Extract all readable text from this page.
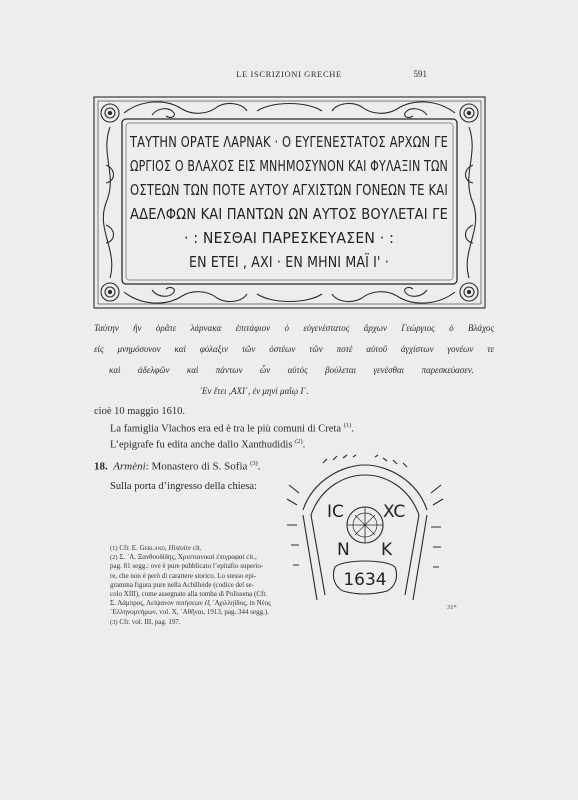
LE ISCRIZIONI GRECHE	591
ΤΑΥΤΗΝ ΟΡΑΤΕ ΛΑΡΝΑΚ · Ο ΕΥΓΕΝΕΣΤΑΤΟΣ ΑΡΧΩΝ ΓΕ
ΩΡΓΙΟΣ Ο ΒΛΑΧΟΣ ΕΙΣ ΜΝΗΜΟΣΥΝΟΝ ΚΑΙ ΦΥΛΑΞΙΝ ΤΩΝ
ΟΣΤΕΩΝ ΤΩΝ ΠΟΤΕ ΑΥΤΟΥ ΑΓΧΙΣΤΩΝ ΓΟΝΕΩΝ ΤΕ ΚΑΙ
ΑΔΕΛΦΩΝ ΚΑΙ ΠΑΝΤΩΝ ΩΝ ΑΥΤΟΣ ΒΟΥΛΕΤΑΙ ΓΕ
· : ΝΕΣΘΑΙ ΠΑΡΕΣΚΕΥΑΣΕΝ · :
ΕΝ ΕΤΕΙ , ΑΧΙ · ΕΝ ΜΗΝΙ ΜΑΪ Ι' ·
Ταύτην ἣν ὁρᾶτε λάρνακα ἐπιτάφιον ὁ εὐγενέστατος ἄρχων Γεώργιος ὁ Βλάχος
εἰς μνημόσυνον καὶ φύλαξιν τῶν ὀστέων τῶν ποτὲ αὐτοῦ ἀγχίστων γονέων τε
καὶ ἀδελφῶν καὶ πάντων ὧν αὐτὸς βούλεται γενέσθαι παρεσκεύασεν.
᾽Εν ἔτει ,ΑΧΙ΄, ἐν μηνὶ μαΐῳ Ι΄.
cioè 10 maggio 1610.
La famiglia Vlachos era ed è tra le più comuni di Creta $^{(1)}$.
L’epigrafe fu edita anche dallo Xanthudidis $^{(2)}$.
18. Armèni: Monastero di S. Sofia $^{(3)}$.
Sulla porta d’ingresso della chiesa:

(1) Cfr. E. Gerland, Histoire cit.

(2) Σ. ᾽Α. Ξανθουδίδης, Χριστιανικαὶ ἐπιγραφαί cit.,

pag. 81 segg.: ove è pure pubblicato l’epitafio superio-

re, che non è però di carattere storico. Lo stesso epi-

gramma figura pure nella Achilleide (codice del se-

colo XIII), come assegnato alla tomba di Polissena (Cfr.

Σ. Λάμπρος, Λείψανον ποιήσεων ἐξ ᾽Αχιλληΐδος, in Νέος

῾Ελληνομνήμων, vol. X, ᾽Αθῆναι, 1913, pag. 344 segg.).

(3) Cfr. vol. III, pag. 197.

IC XC
N K
1634
31*
